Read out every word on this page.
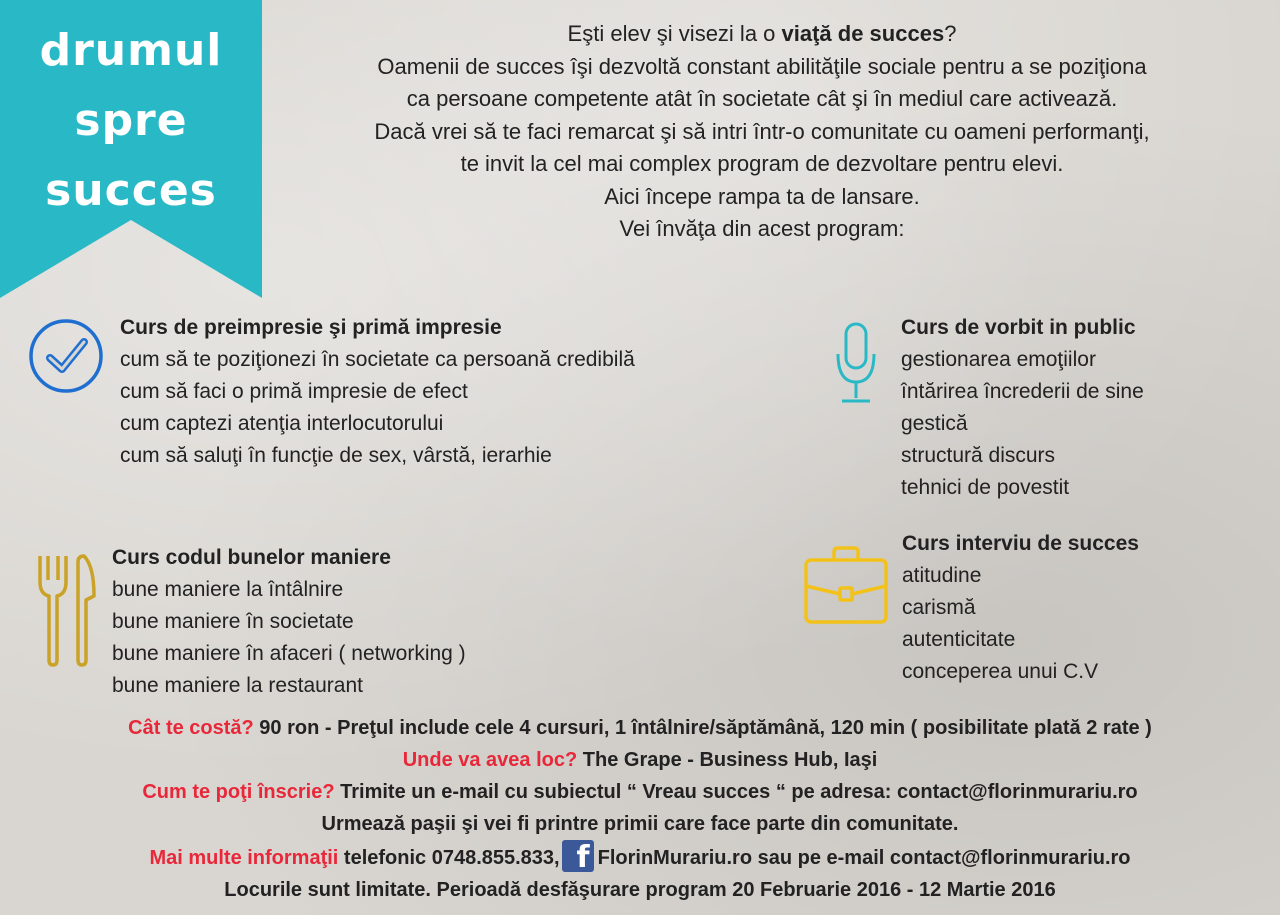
drumul
spre
succes
Eşti elev şi visezi la o viaţă de succes?
Oamenii de succes îşi dezvoltă constant abilităţile sociale pentru a se poziţiona
ca persoane competente atât în societate cât şi în mediul care activează.
Dacă vrei să te faci remarcat şi să intri într-o comunitate cu oameni performanţi,
te invit la cel mai complex program de dezvoltare pentru elevi.
Aici începe rampa ta de lansare.
Vei învăţa din acest program:
Curs de preimpresie şi primă impresie
cum să te poziţionezi în societate ca persoană credibilă
cum să faci o primă impresie de efect
cum captezi atenţia interlocutorului
cum să saluţi în funcţie de sex, vârstă, ierarhie
Curs de vorbit in public
gestionarea emoţiilor
întărirea încrederii de sine
gestică
structură discurs
tehnici de povestit
Curs codul bunelor maniere
bune maniere la întâlnire
bune maniere în societate
bune maniere în afaceri ( networking )
bune maniere la restaurant
Curs interviu de succes
atitudine
carismă
autenticitate
conceperea unui C.V
Cât te costă? 90 ron - Preţul include cele 4 cursuri, 1 întâlnire/săptămână, 120 min ( posibilitate plată 2 rate )
Unde va avea loc? The Grape - Business Hub, Iaşi
Cum te poţi înscrie? Trimite un e-mail cu subiectul “ Vreau succes “ pe adresa: contact@florinmurariu.ro
Urmează paşii şi vei fi printre primii care face parte din comunitate.
Mai multe informaţii telefonic 0748.855.833, f FlorinMurariu.ro sau pe e-mail contact@florinmurariu.ro
Locurile sunt limitate. Perioadă desfăşurare program 20 Februarie 2016 - 12 Martie 2016
